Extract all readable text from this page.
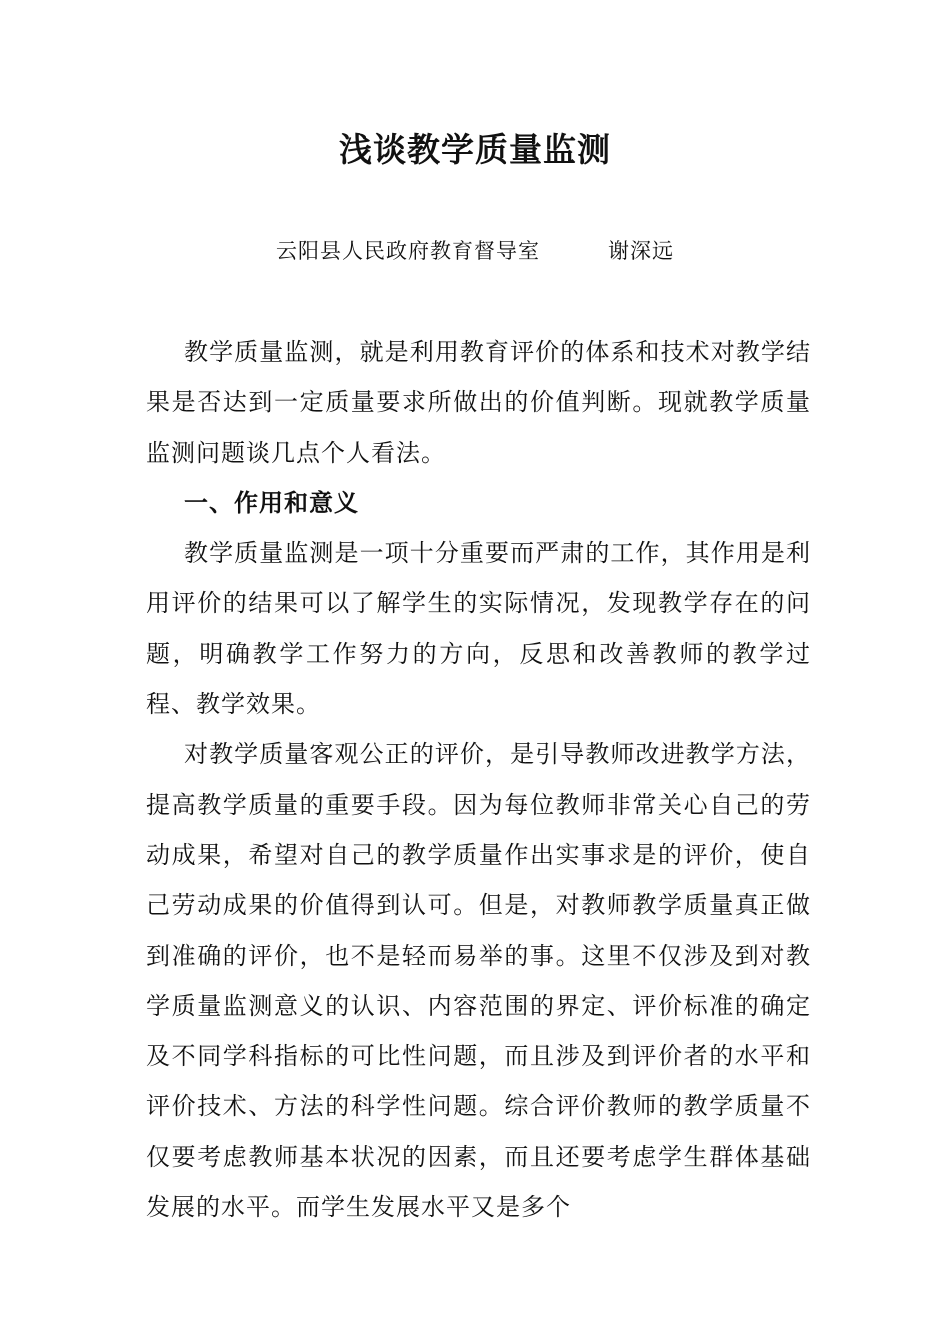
浅谈教学质量监测
云阳县人民政府教育督导室	谢深远

教学质量监测，就是利用教育评价的体系和技术对教学结果是否达到一定质量要求所做出的价值判断。现就教学质量监测问题谈几点个人看法。

一、作用和意义

教学质量监测是一项十分重要而严肃的工作，其作用是利用评价的结果可以了解学生的实际情况，发现教学存在的问题，明确教学工作努力的方向，反思和改善教师的教学过程、教学效果。

对教学质量客观公正的评价，是引导教师改进教学方法，提高教学质量的重要手段。因为每位教师非常关心自己的劳动成果，希望对自己的教学质量作出实事求是的评价，使自己劳动成果的价值得到认可。但是，对教师教学质量真正做到准确的评价，也不是轻而易举的事。这里不仅涉及到对教学质量监测意义的认识、内容范围的界定、评价标准的确定及不同学科指标的可比性问题，而且涉及到评价者的水平和评价技术、方法的科学性问题。综合评价教师的教学质量不仅要考虑教师基本状况的因素，而且还要考虑学生群体基础发展的水平。而学生发展水平又是多个
